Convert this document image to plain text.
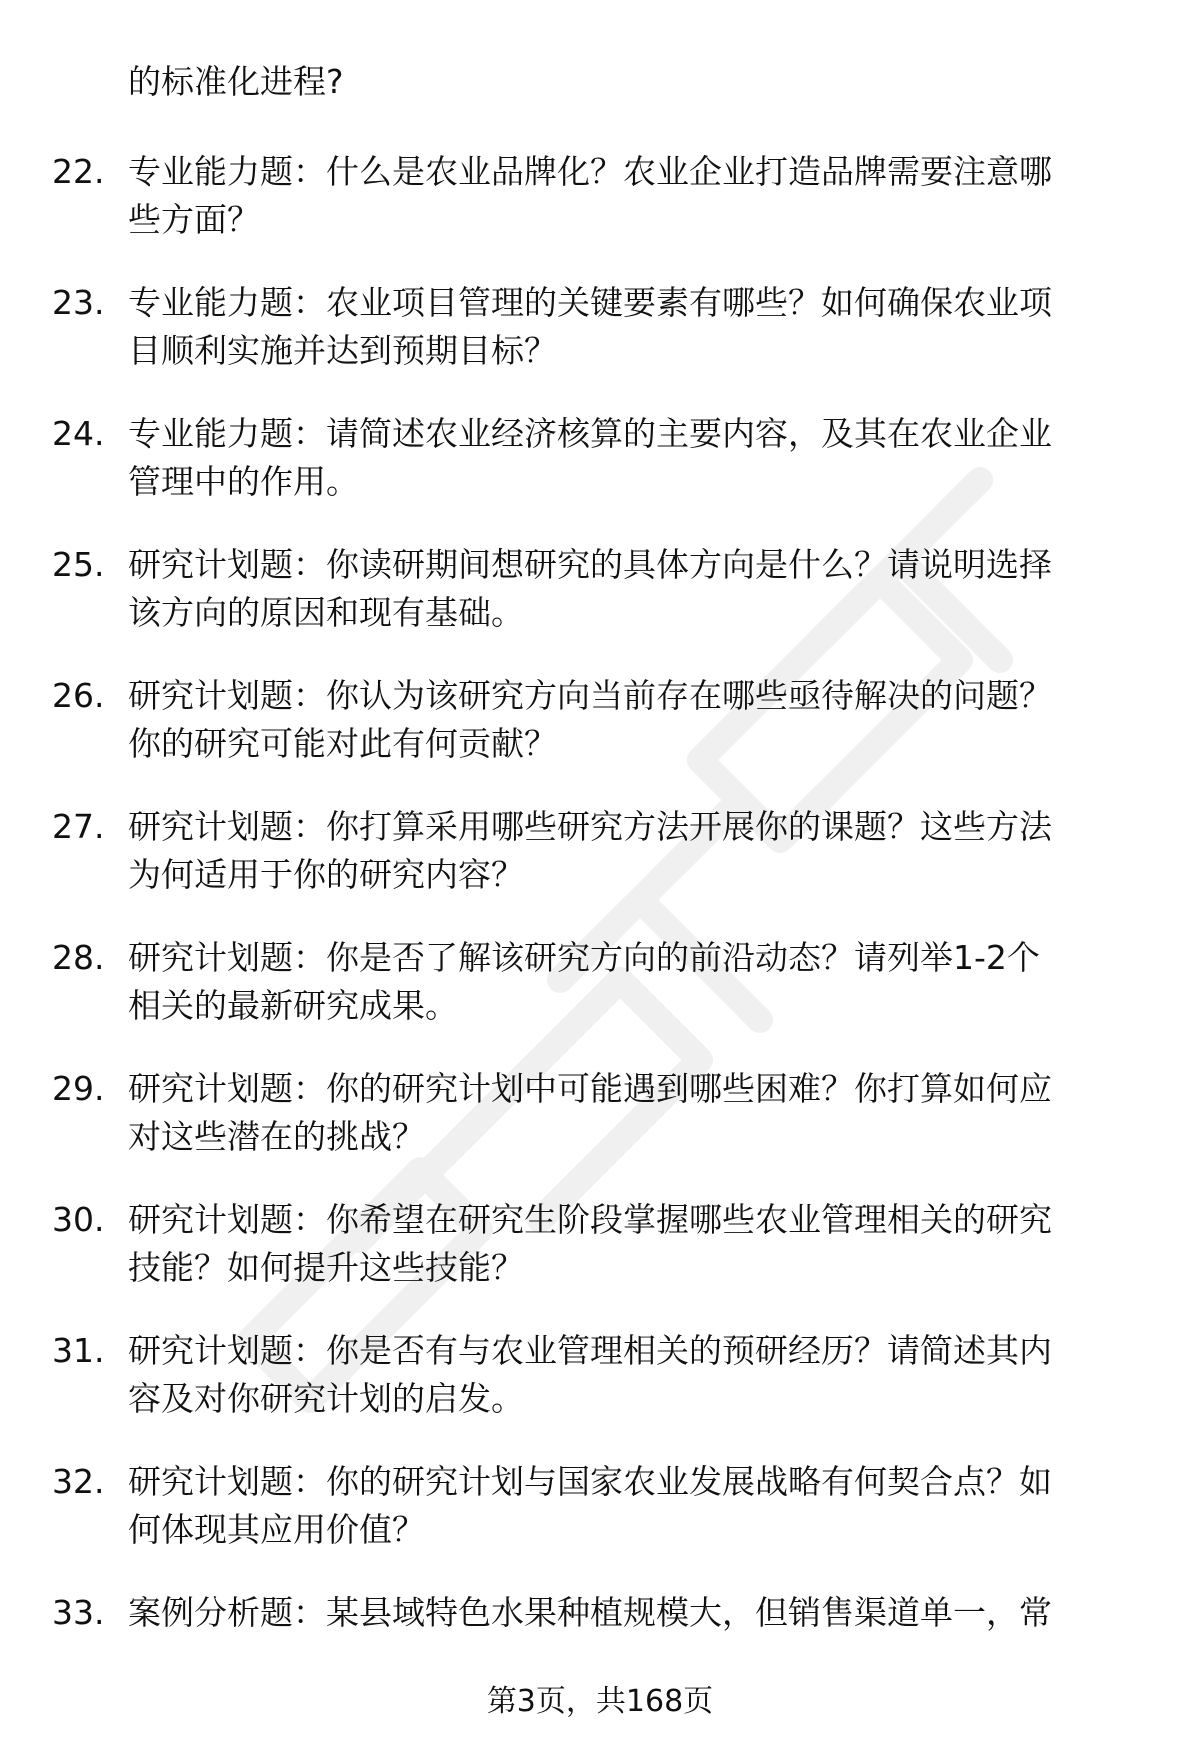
的标准化进程?
22. 专业能力题：什么是农业品牌化？农业企业打造品牌需要注意哪
些方面？
23. 专业能力题：农业项目管理的关键要素有哪些？如何确保农业项
目顺利实施并达到预期目标？
24. 专业能力题：请简述农业经济核算的主要内容，及其在农业企业
管理中的作用。
25. 研究计划题：你读研期间想研究的具体方向是什么？请说明选择
该方向的原因和现有基础。
26. 研究计划题：你认为该研究方向当前存在哪些亟待解决的问题？
你的研究可能对此有何贡献？
27. 研究计划题：你打算采用哪些研究方法开展你的课题？这些方法
为何适用于你的研究内容？
28. 研究计划题：你是否了解该研究方向的前沿动态？请列举1-2个
相关的最新研究成果。
29. 研究计划题：你的研究计划中可能遇到哪些困难？你打算如何应
对这些潜在的挑战？
30. 研究计划题：你希望在研究生阶段掌握哪些农业管理相关的研究
技能？如何提升这些技能？
31. 研究计划题：你是否有与农业管理相关的预研经历？请简述其内
容及对你研究计划的启发。
32. 研究计划题：你的研究计划与国家农业发展战略有何契合点？如
何体现其应用价值？
33. 案例分析题：某县域特色水果种植规模大，但销售渠道单一，常
第3页，共168页
